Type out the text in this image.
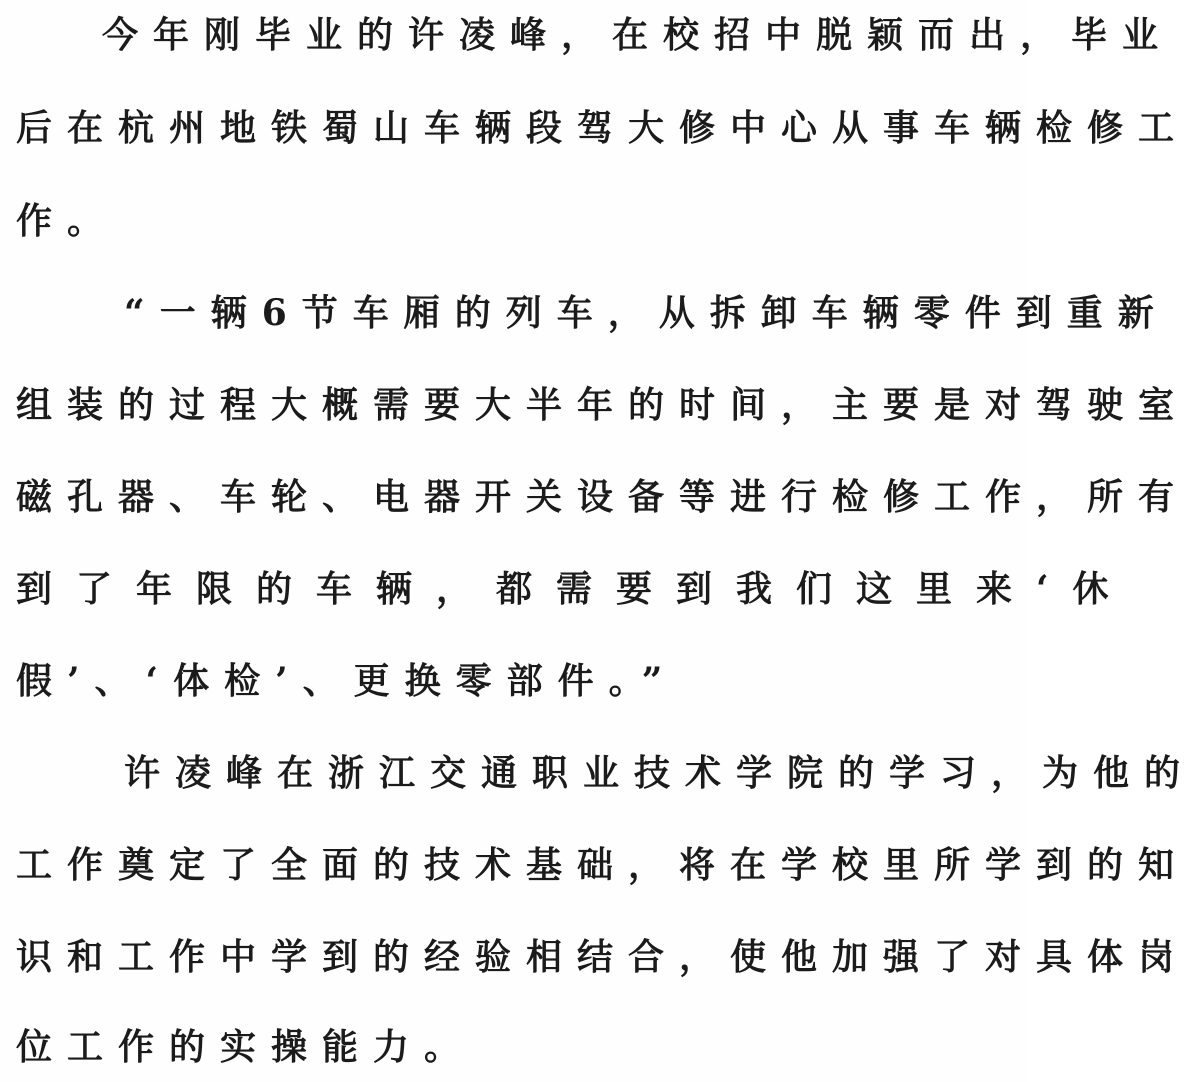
今年刚毕业的许凌峰，在校招中脱颖而出，毕业
后在杭州地铁蜀山车辆段驾大修中心从事车辆检修工
作。
“一辆6节车厢的列车，从拆卸车辆零件到重新
组装的过程大概需要大半年的时间，主要是对驾驶室
磁孔器、车轮、电器开关设备等进行检修工作，所有
到了年限的车辆，都需要到我们这里来‘休
假’、‘体检’、更换零部件。”
许凌峰在浙江交通职业技术学院的学习，为他的
工作奠定了全面的技术基础，将在学校里所学到的知
识和工作中学到的经验相结合，使他加强了对具体岗
位工作的实操能力。
